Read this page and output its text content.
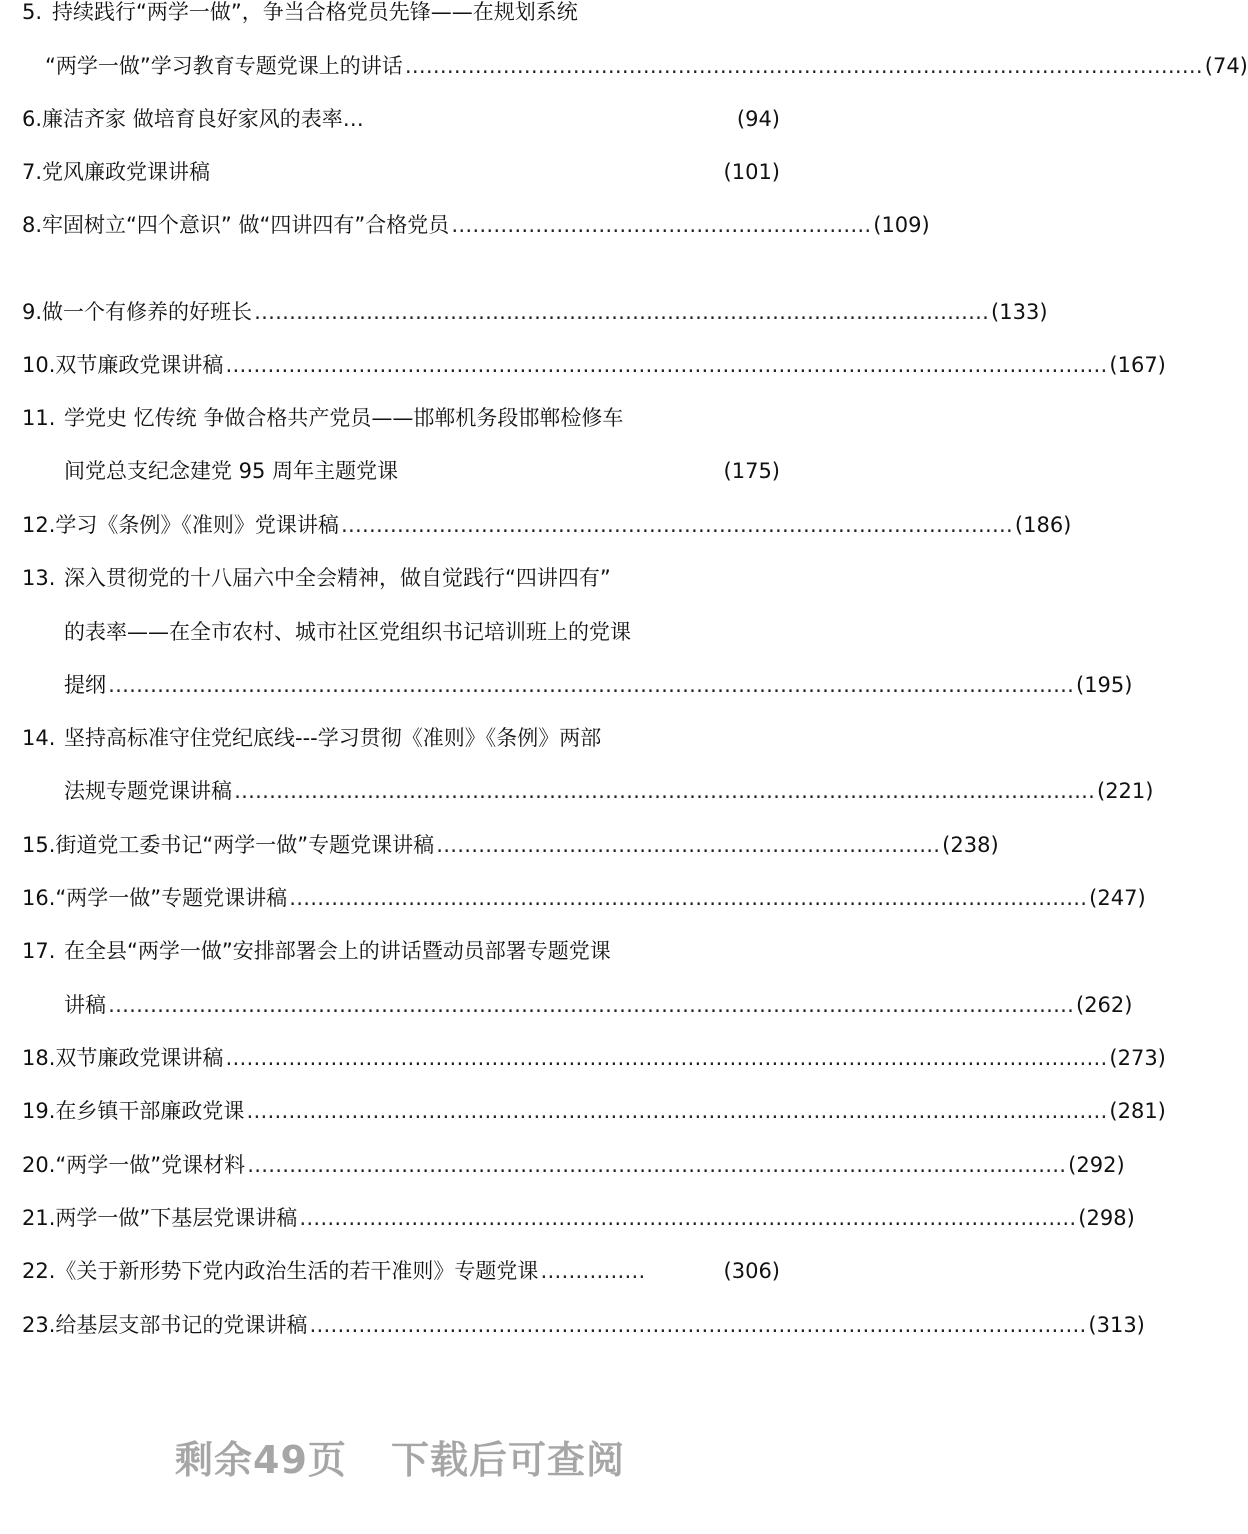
5. 持续践行“两学一做”，争当合格党员先锋——在规划系统
“两学一做”学习教育专题党课上的讲话 …………………………………………………………………………………………………… (74)
6. 廉洁齐家 做培育良好家风的表率…	(94)
7. 党风廉政党课讲稿	(101)
8. 牢固树立“四个意识” 做“四讲四有”合格党员 …………………………………………………… (109)
9. 做一个有修养的好班长 …………………………………………………………………………………………… (133)
10. 双节廉政党课讲稿 ……………………………………………………………………………………………………………… (167)
11. 学党史 忆传统 争做合格共产党员——邯郸机务段邯郸检修车
间党总支纪念建党 95 周年主题党课	(175)
12. 学习《条例》《准则》党课讲稿 …………………………………………………………………………………… (186)
13. 深入贯彻党的十八届六中全会精神，做自觉践行“四讲四有”
的表率——在全市农村、城市社区党组织书记培训班上的党课
提纲 ………………………………………………………………………………………………………………………… (195)
14. 坚持高标准守住党纪底线---学习贯彻《准则》《条例》两部
法规专题党课讲稿 …………………………………………………………………………………………………………… (221)
15. 街道党工委书记“两学一做”专题党课讲稿 ……………………………………………………………… (238)
16. “两学一做”专题党课讲稿 …………………………………………………………………………………………………… (247)
17. 在全县“两学一做”安排部署会上的讲话暨动员部署专题党课
讲稿 ………………………………………………………………………………………………………………………… (262)
18. 双节廉政党课讲稿 ……………………………………………………………………………………………………………… (273)
19. 在乡镇干部廉政党课 …………………………………………………………………………………………………………… (281)
20. “两学一做”党课材料 ……………………………………………………………………………………………………… (292)
21. 两学一做”下基层党课讲稿 ………………………………………………………………………………………………… (298)
22. 《关于新形势下党内政治生活的若干准则》专题党课 ……………	(306)
23. 给基层支部书记的党课讲稿 ………………………………………………………………………………………………… (313)
剩余49页 下载后可查阅
